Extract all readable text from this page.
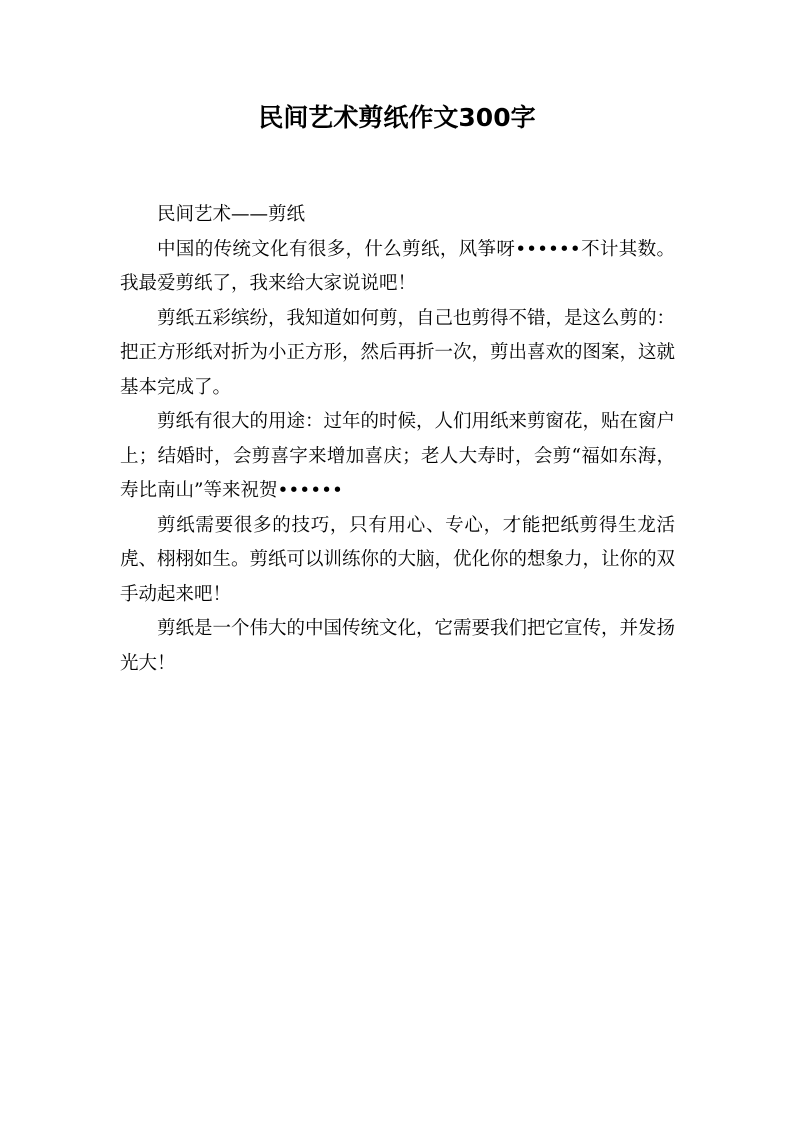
民间艺术剪纸作文300字

民间艺术——剪纸

中国的传统文化有很多，什么剪纸，风筝呀••••••不计其数。我最爱剪纸了，我来给大家说说吧！

剪纸五彩缤纷，我知道如何剪，自己也剪得不错，是这么剪的：把正方形纸对折为小正方形，然后再折一次，剪出喜欢的图案，这就基本完成了。

剪纸有很大的用途：过年的时候，人们用纸来剪窗花，贴在窗户上；结婚时，会剪喜字来增加喜庆；老人大寿时，会剪“福如东海，寿比南山”等来祝贺••••••

剪纸需要很多的技巧，只有用心、专心，才能把纸剪得生龙活虎、栩栩如生。剪纸可以训练你的大脑，优化你的想象力，让你的双手动起来吧！

剪纸是一个伟大的中国传统文化，它需要我们把它宣传，并发扬光大！
